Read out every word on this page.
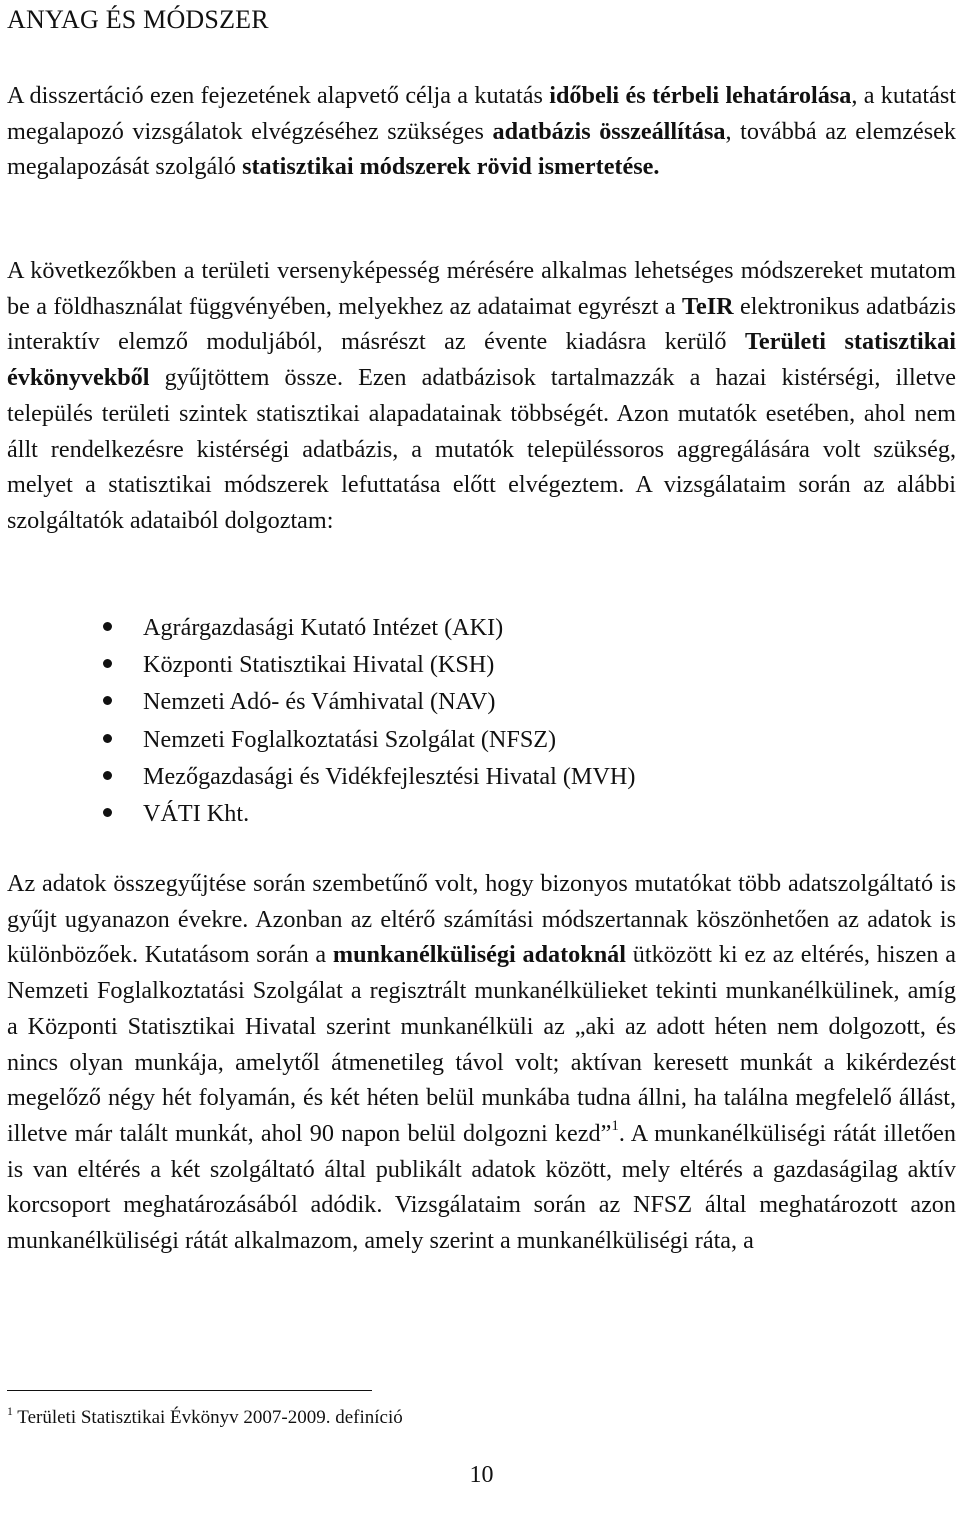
ANYAG ÉS MÓDSZER

A disszertáció ezen fejezetének alapvető célja a kutatás időbeli és térbeli lehatárolása, a kutatást megalapozó vizsgálatok elvégzéséhez szükséges adatbázis összeállítása, továbbá az elemzések megalapozását szolgáló statisztikai módszerek rövid ismertetése.

A következőkben a területi versenyképesség mérésére alkalmas lehetséges módszereket mutatom be a földhasználat függvényében, melyekhez az adataimat egyrészt a TeIR elektronikus adatbázis interaktív elemző moduljából, másrészt az évente kiadásra kerülő Területi statisztikai évkönyvekből gyűjtöttem össze. Ezen adatbázisok tartalmazzák a hazai kistérségi, illetve település területi szintek statisztikai alapadatainak többségét. Azon mutatók esetében, ahol nem állt rendelkezésre kistérségi adatbázis, a mutatók településsoros aggregálására volt szükség, melyet a statisztikai módszerek lefuttatása előtt elvégeztem. A vizsgálataim során az alábbi szolgáltatók adataiból dolgoztam:

Agrárgazdasági Kutató Intézet (AKI)
Központi Statisztikai Hivatal (KSH)
Nemzeti Adó- és Vámhivatal (NAV)
Nemzeti Foglalkoztatási Szolgálat (NFSZ)
Mezőgazdasági és Vidékfejlesztési Hivatal (MVH)
VÁTI Kht.

Az adatok összegyűjtése során szembetűnő volt, hogy bizonyos mutatókat több adatszolgáltató is gyűjt ugyanazon évekre. Azonban az eltérő számítási módszertannak köszönhetően az adatok is különbözőek. Kutatásom során a munkanélküliségi adatoknál ütközött ki ez az eltérés, hiszen a Nemzeti Foglalkoztatási Szolgálat a regisztrált munkanélkülieket tekinti munkanélkülinek, amíg a Központi Statisztikai Hivatal szerint munkanélküli az „aki az adott héten nem dolgozott, és nincs olyan munkája, amelytől átmenetileg távol volt; aktívan keresett munkát a kikérdezést megelőző négy hét folyamán, és két héten belül munkába tudna állni, ha találna megfelelő állást, illetve már talált munkát, ahol 90 napon belül dolgozni kezd”$^1$. A munkanélküliségi rátát illetően is van eltérés a két szolgáltató által publikált adatok között, mely eltérés a gazdaságilag aktív korcsoport meghatározásából adódik. Vizsgálataim során az NFSZ által meghatározott azon munkanélküliségi rátát alkalmazom, amely szerint a munkanélküliségi ráta, a

$^1$ Területi Statisztikai Évkönyv 2007-2009. definíció

10
